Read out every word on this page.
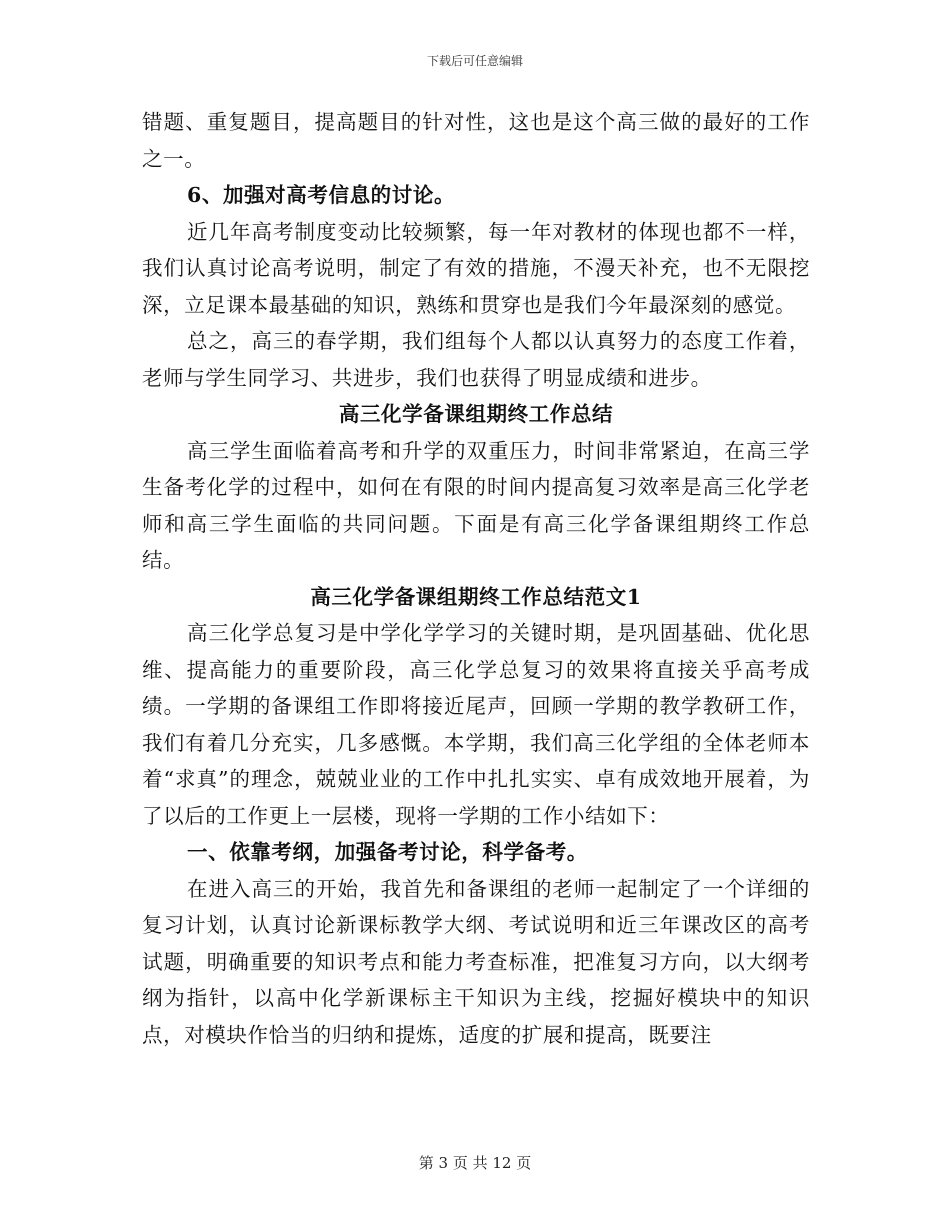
下载后可任意编辑

错题、重复题目，提高题目的针对性，这也是这个高三做的最好的工作之一。

6、加强对高考信息的讨论。

近几年高考制度变动比较频繁，每一年对教材的体现也都不一样，我们认真讨论高考说明，制定了有效的措施，不漫天补充，也不无限挖深，立足课本最基础的知识，熟练和贯穿也是我们今年最深刻的感觉。

总之，高三的春学期，我们组每个人都以认真努力的态度工作着，老师与学生同学习、共进步，我们也获得了明显成绩和进步。

高三化学备课组期终工作总结

高三学生面临着高考和升学的双重压力，时间非常紧迫，在高三学生备考化学的过程中，如何在有限的时间内提高复习效率是高三化学老师和高三学生面临的共同问题。下面是有高三化学备课组期终工作总结。

高三化学备课组期终工作总结范文1

高三化学总复习是中学化学学习的关键时期，是巩固基础、优化思维、提高能力的重要阶段，高三化学总复习的效果将直接关乎高考成绩。一学期的备课组工作即将接近尾声，回顾一学期的教学教研工作，我们有着几分充实，几多感慨。本学期，我们高三化学组的全体老师本着“求真”的理念，兢兢业业的工作中扎扎实实、卓有成效地开展着，为了以后的工作更上一层楼，现将一学期的工作小结如下：

一、依靠考纲，加强备考讨论，科学备考。

在进入高三的开始，我首先和备课组的老师一起制定了一个详细的复习计划，认真讨论新课标教学大纲、考试说明和近三年课改区的高考试题，明确重要的知识考点和能力考查标准，把准复习方向，以大纲考纲为指针，以高中化学新课标主干知识为主线，挖掘好模块中的知识点，对模块作恰当的归纳和提炼，适度的扩展和提高，既要注

第 3 页 共 12 页
